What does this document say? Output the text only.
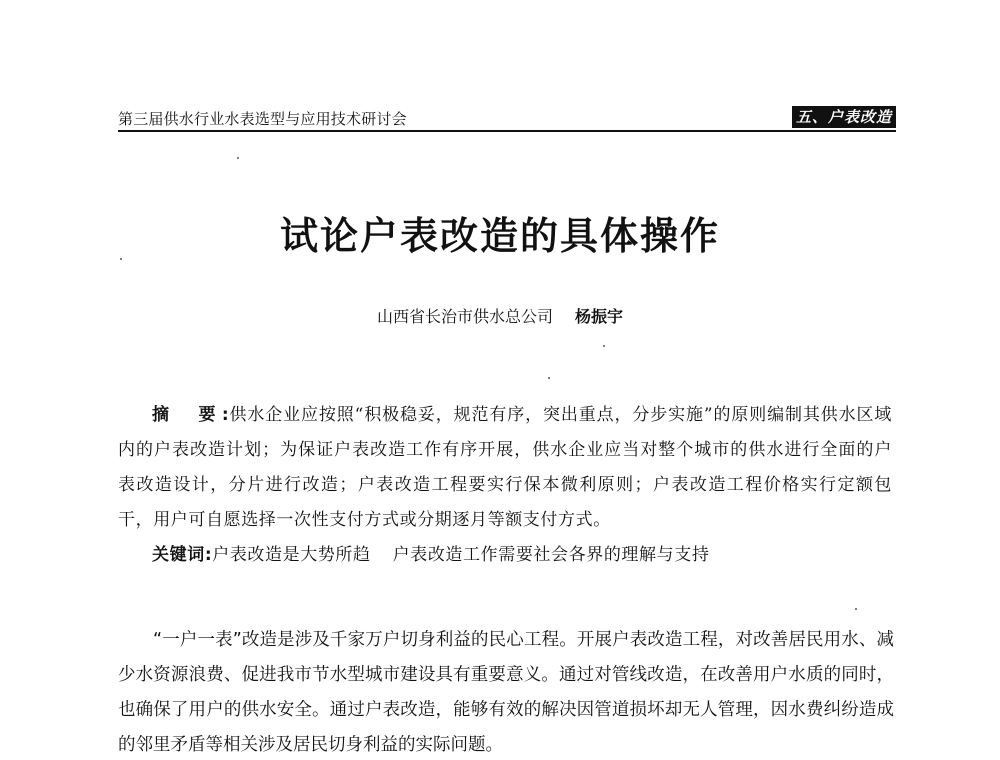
第三届供水行业水表选型与应用技术研讨会	五、户表改造
试论户表改造的具体操作
山西省长治市供水总公司 杨振宇

摘　要:供水企业应按照“积极稳妥，规范有序，突出重点，分步实施”的原则编制其供水区域内的户表改造计划；为保证户表改造工作有序开展，供水企业应当对整个城市的供水进行全面的户表改造设计，分片进行改造；户表改造工程要实行保本微利原则；户表改造工程价格实行定额包干，用户可自愿选择一次性支付方式或分期逐月等额支付方式。

关键词:户表改造是大势所趋 户表改造工作需要社会各界的理解与支持

“一户一表”改造是涉及千家万户切身利益的民心工程。开展户表改造工程，对改善居民用水、减少水资源浪费、促进我市节水型城市建设具有重要意义。通过对管线改造，在改善用户水质的同时，也确保了用户的供水安全。通过户表改造，能够有效的解决因管道损坏却无人管理，因水费纠纷造成的邻里矛盾等相关涉及居民切身利益的实际问题。
